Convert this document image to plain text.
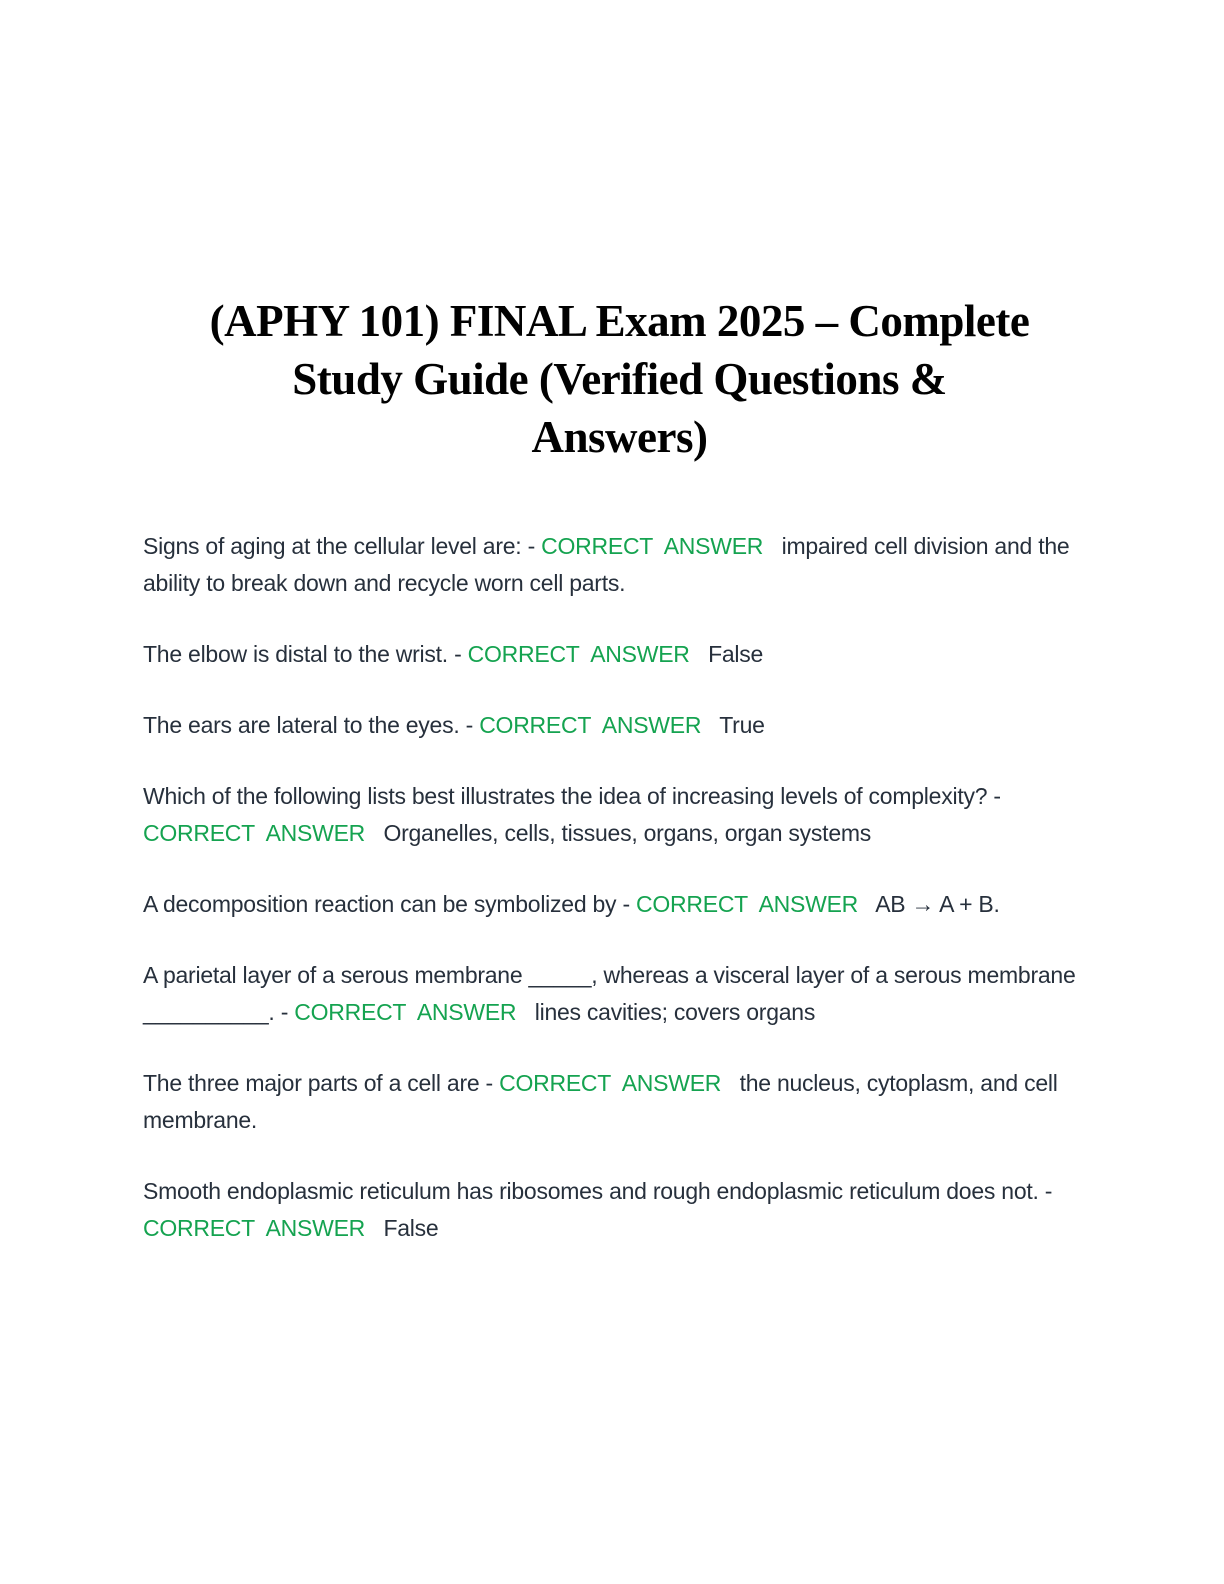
(APHY 101) FINAL Exam 2025 – Complete
Study Guide (Verified Questions &
Answers)

Signs of aging at the cellular level are: - CORRECT  ANSWER impaired cell division and the ability to break down and recycle worn cell parts.

The elbow is distal to the wrist. - CORRECT  ANSWER False

The ears are lateral to the eyes. - CORRECT  ANSWER True

Which of the following lists best illustrates the idea of increasing levels of complexity? - CORRECT  ANSWER Organelles, cells, tissues, organs, organ systems

A decomposition reaction can be symbolized by - CORRECT  ANSWER AB → A + B.

A parietal layer of a serous membrane _____, whereas a visceral layer of a serous membrane __________. - CORRECT  ANSWER lines cavities; covers organs

The three major parts of a cell are - CORRECT  ANSWER the nucleus, cytoplasm, and cell membrane.

Smooth endoplasmic reticulum has ribosomes and rough endoplasmic reticulum does not. - CORRECT  ANSWER False
